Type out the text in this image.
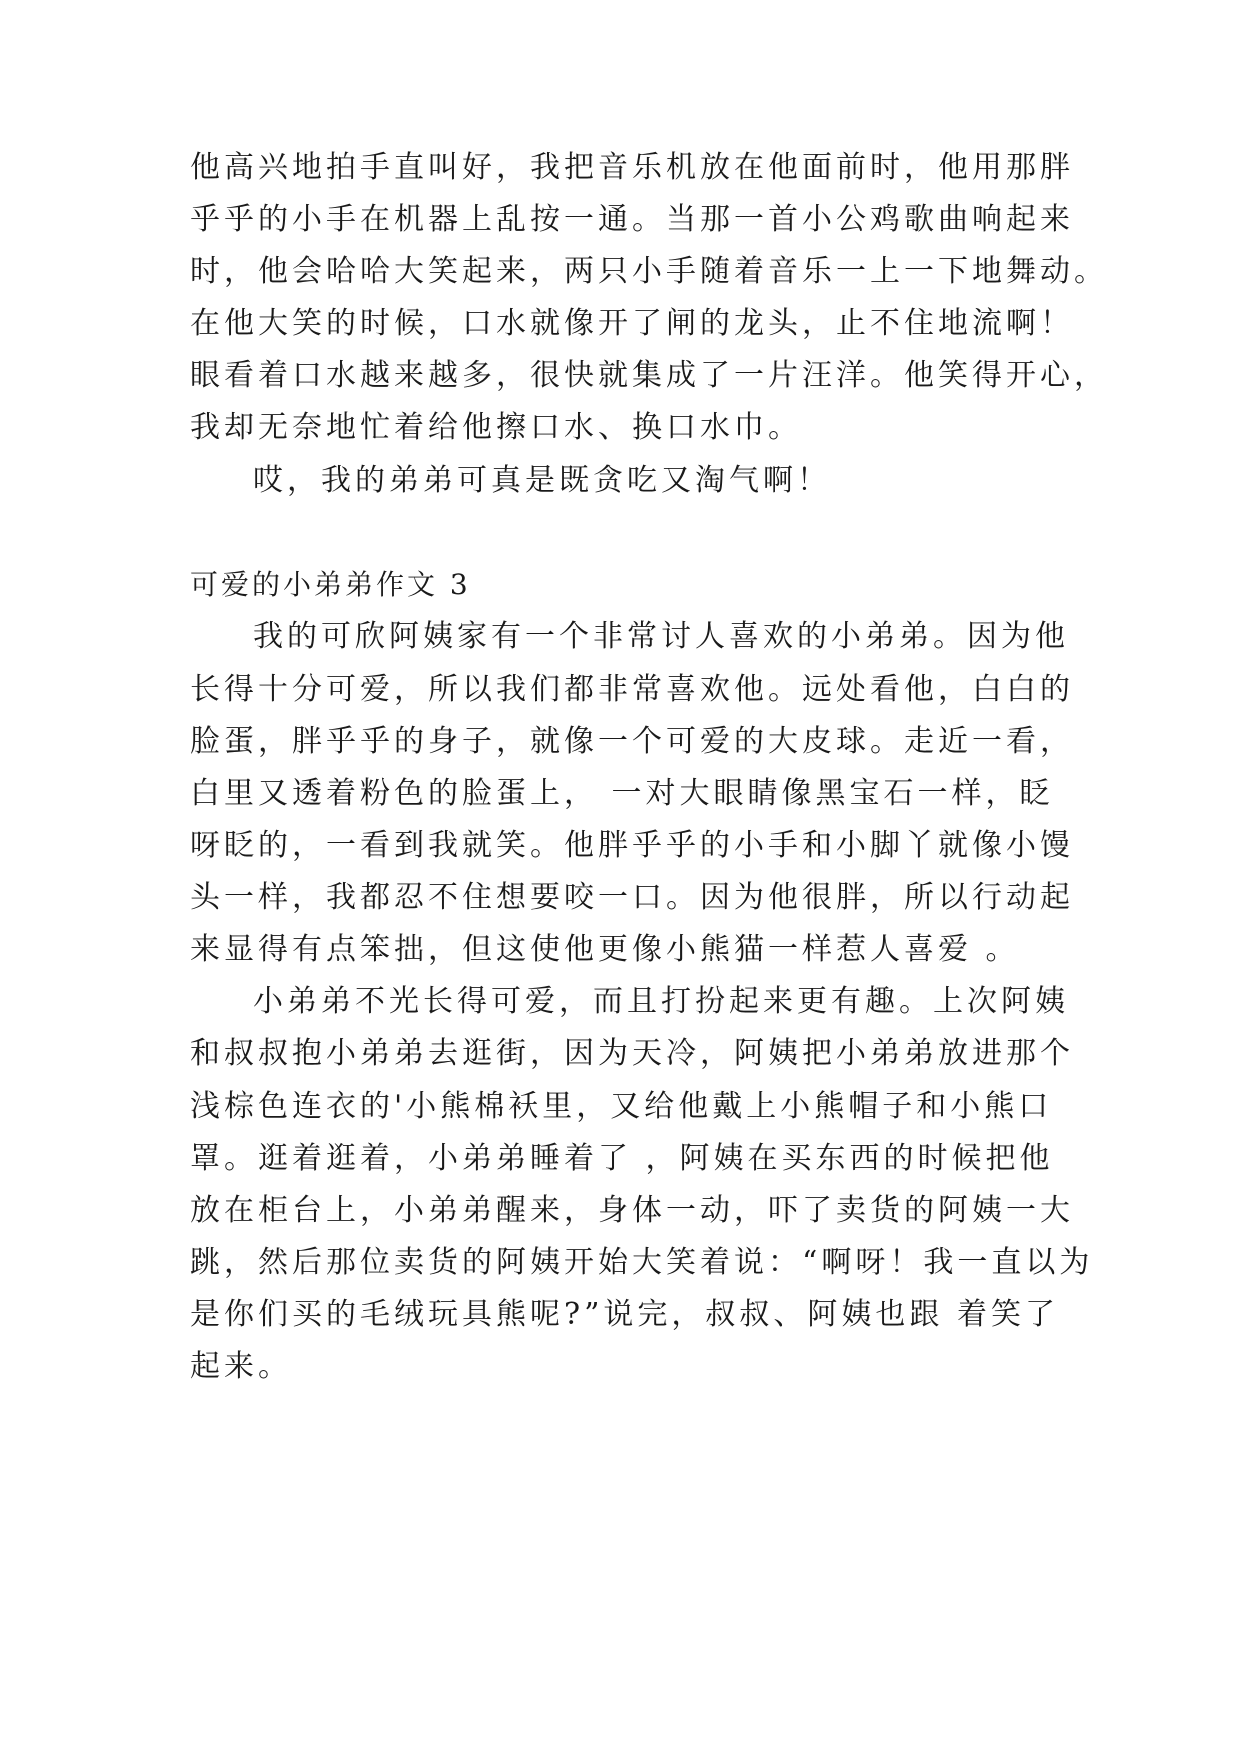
他高兴地拍手直叫好，我把音乐机放在他面前时，他用那胖
乎乎的小手在机器上乱按一通。当那一首小公鸡歌曲响起来
时，他会哈哈大笑起来，两只小手随着音乐一上一下地舞动。
在他大笑的时候，口水就像开了闸的龙头，止不住地流啊！
眼看着口水越来越多，很快就集成了一片汪洋。他笑得开心，
我却无奈地忙着给他擦口水、换口水巾。
哎，我的弟弟可真是既贪吃又淘气啊！
可爱的小弟弟作文 3
我的可欣阿姨家有一个非常讨人喜欢的小弟弟。因为他
长得十分可爱，所以我们都非常喜欢他。远处看他，白白的
脸蛋，胖乎乎的身子，就像一个可爱的大皮球。走近一看，
白里又透着粉色的脸蛋上， 一对大眼睛像黑宝石一样，眨
呀眨的，一看到我就笑。他胖乎乎的小手和小脚丫就像小馒
头一样，我都忍不住想要咬一口。因为他很胖，所以行动起
来显得有点笨拙，但这使他更像小熊猫一样惹人喜爱 。
小弟弟不光长得可爱，而且打扮起来更有趣。上次阿姨
和叔叔抱小弟弟去逛街，因为天冷，阿姨把小弟弟放进那个
浅棕色连衣的'小熊棉袄里，又给他戴上小熊帽子和小熊口
罩。逛着逛着，小弟弟睡着了 ，阿姨在买东西的时候把他
放在柜台上，小弟弟醒来，身体一动，吓了卖货的阿姨一大
跳，然后那位卖货的阿姨开始大笑着说：“啊呀！我一直以为
是你们买的毛绒玩具熊呢?”说完，叔叔、阿姨也跟 着笑了
起来。
